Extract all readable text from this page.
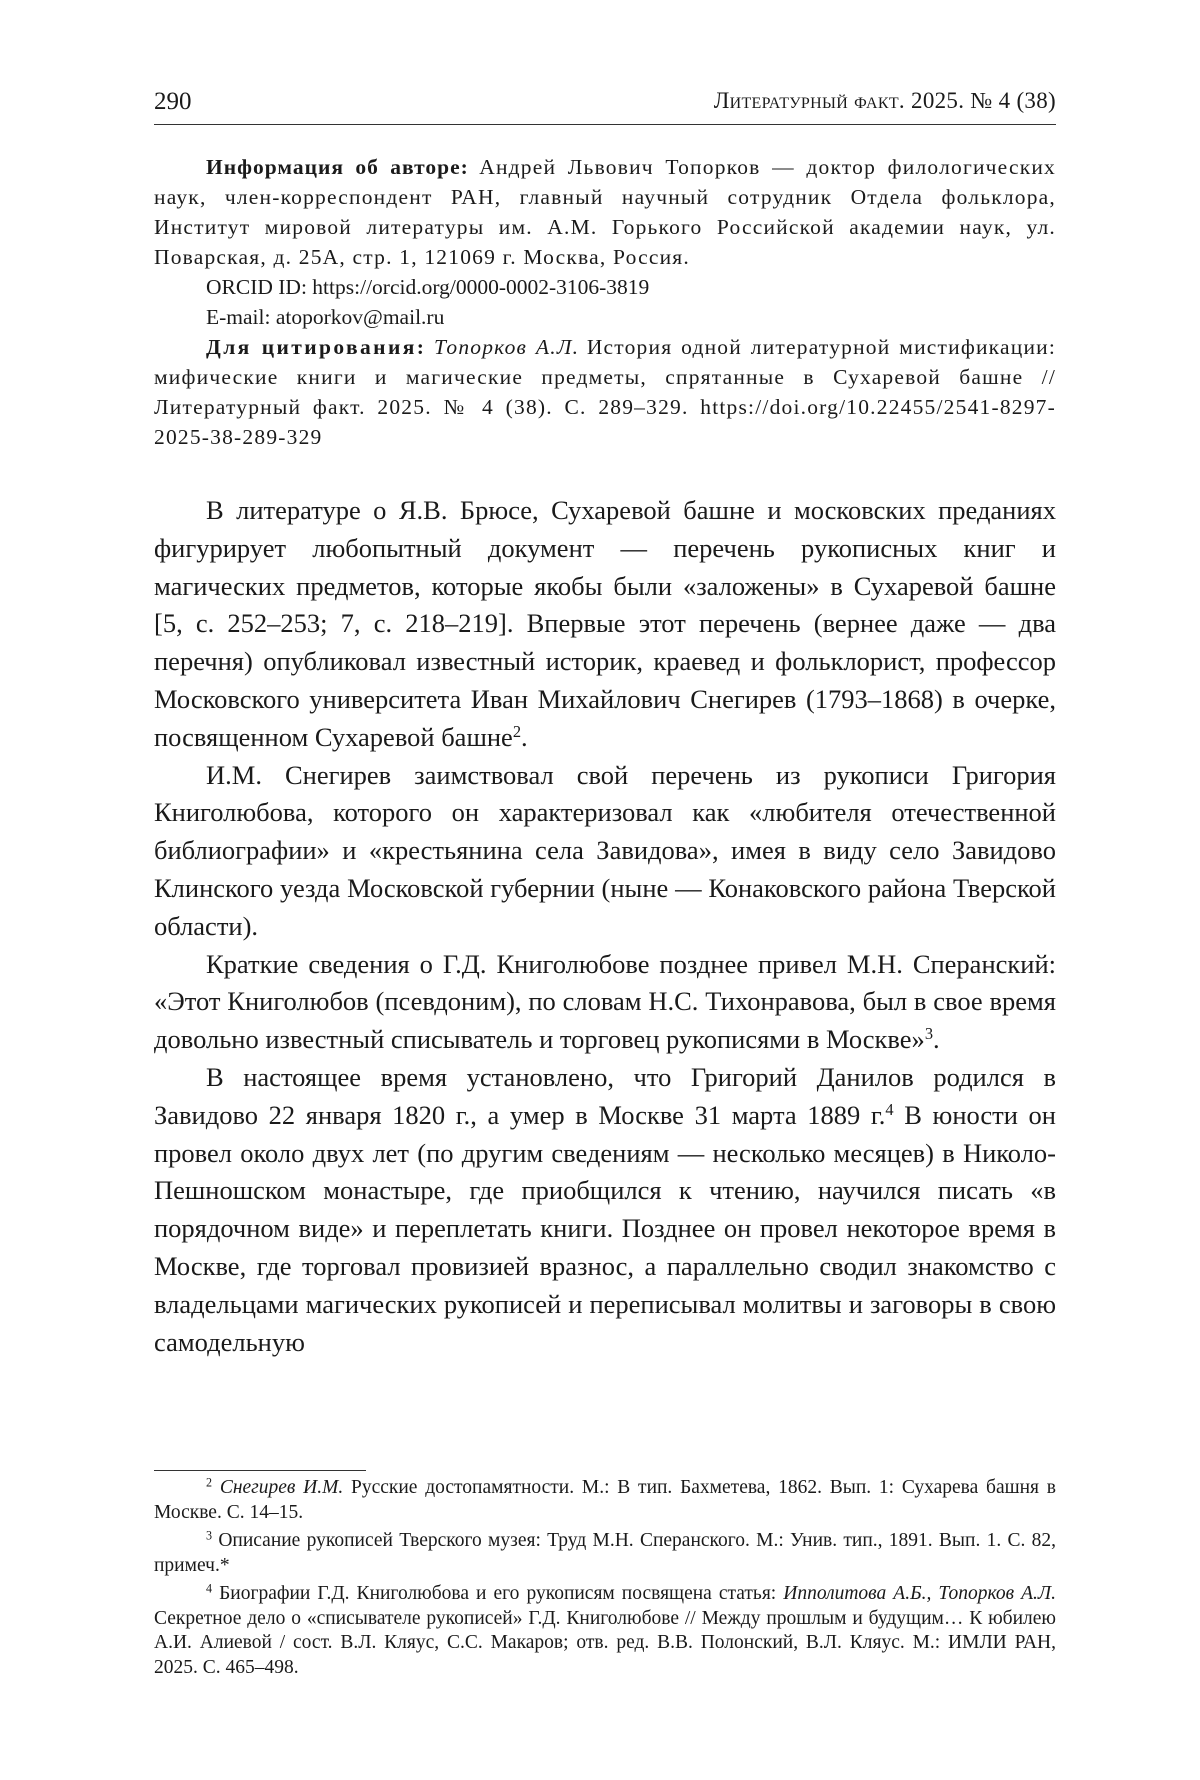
290	Литературный факт. 2025. № 4 (38)

Информация об авторе: Андрей Львович Топорков — доктор филологических наук, член-корреспондент РАН, главный научный сотрудник Отдела фольклора, Институт мировой литературы им. А.М. Горького Российской академии наук, ул. Поварская, д. 25А, стр. 1, 121069 г. Москва, Россия.

ORCID ID: https://orcid.org/0000-0002-3106-3819

E-mail: atoporkov@mail.ru

Для цитирования: Топорков А.Л. История одной литературной мистификации: мифические книги и магические предметы, спрятанные в Сухаревой башне // Литературный факт. 2025. № 4 (38). С. 289–329. https://doi.org/10.22455/2541-8297-2025-38-289-329

В литературе о Я.В. Брюсе, Сухаревой башне и московских преданиях фигурирует любопытный документ — перечень рукописных книг и магических предметов, которые якобы были «заложены» в Сухаревой башне [5, с. 252–253; 7, с. 218–219]. Впервые этот перечень (вернее даже — два перечня) опубликовал известный историк, краевед и фольклорист, профессор Московского университета Иван Михайлович Снегирев (1793–1868) в очерке, посвященном Сухаревой башне$^2$.

И.М. Снегирев заимствовал свой перечень из рукописи Григория Книголюбова, которого он характеризовал как «любителя отечественной библиографии» и «крестьянина села Завидова», имея в виду село Завидово Клинского уезда Московской губернии (ныне — Конаковского района Тверской области).

Краткие сведения о Г.Д. Книголюбове позднее привел М.Н. Сперанский: «Этот Книголюбов (псевдоним), по словам Н.С. Тихонравова, был в свое время довольно известный списыватель и торговец рукописями в Москве»$^3$.

В настоящее время установлено, что Григорий Данилов родился в Завидово 22 января 1820 г., а умер в Москве 31 марта 1889 г.$^4$ В юности он провел около двух лет (по другим сведениям — несколько месяцев) в Николо-Пешношском монастыре, где приобщился к чтению, научился писать «в порядочном виде» и переплетать книги. Позднее он провел некоторое время в Москве, где торговал провизией вразнос, а параллельно сводил знакомство с владельцами магических рукописей и переписывал молитвы и заговоры в свою самодельную

$^2$ Снегирев И.М. Русские достопамятности. М.: В тип. Бахметева, 1862. Вып. 1: Сухарева башня в Москве. С. 14–15.

$^3$ Описание рукописей Тверского музея: Труд М.Н. Сперанского. М.: Унив. тип., 1891. Вып. 1. С. 82, примеч.*

$^4$ Биографии Г.Д. Книголюбова и его рукописям посвящена статья: Ипполитова А.Б., Топорков А.Л. Секретное дело о «списывателе рукописей» Г.Д. Книголюбове // Между прошлым и будущим… К юбилею А.И. Алиевой / сост. В.Л. Кляус, С.С. Макаров; отв. ред. В.В. Полонский, В.Л. Кляус. М.: ИМЛИ РАН, 2025. С. 465–498.
